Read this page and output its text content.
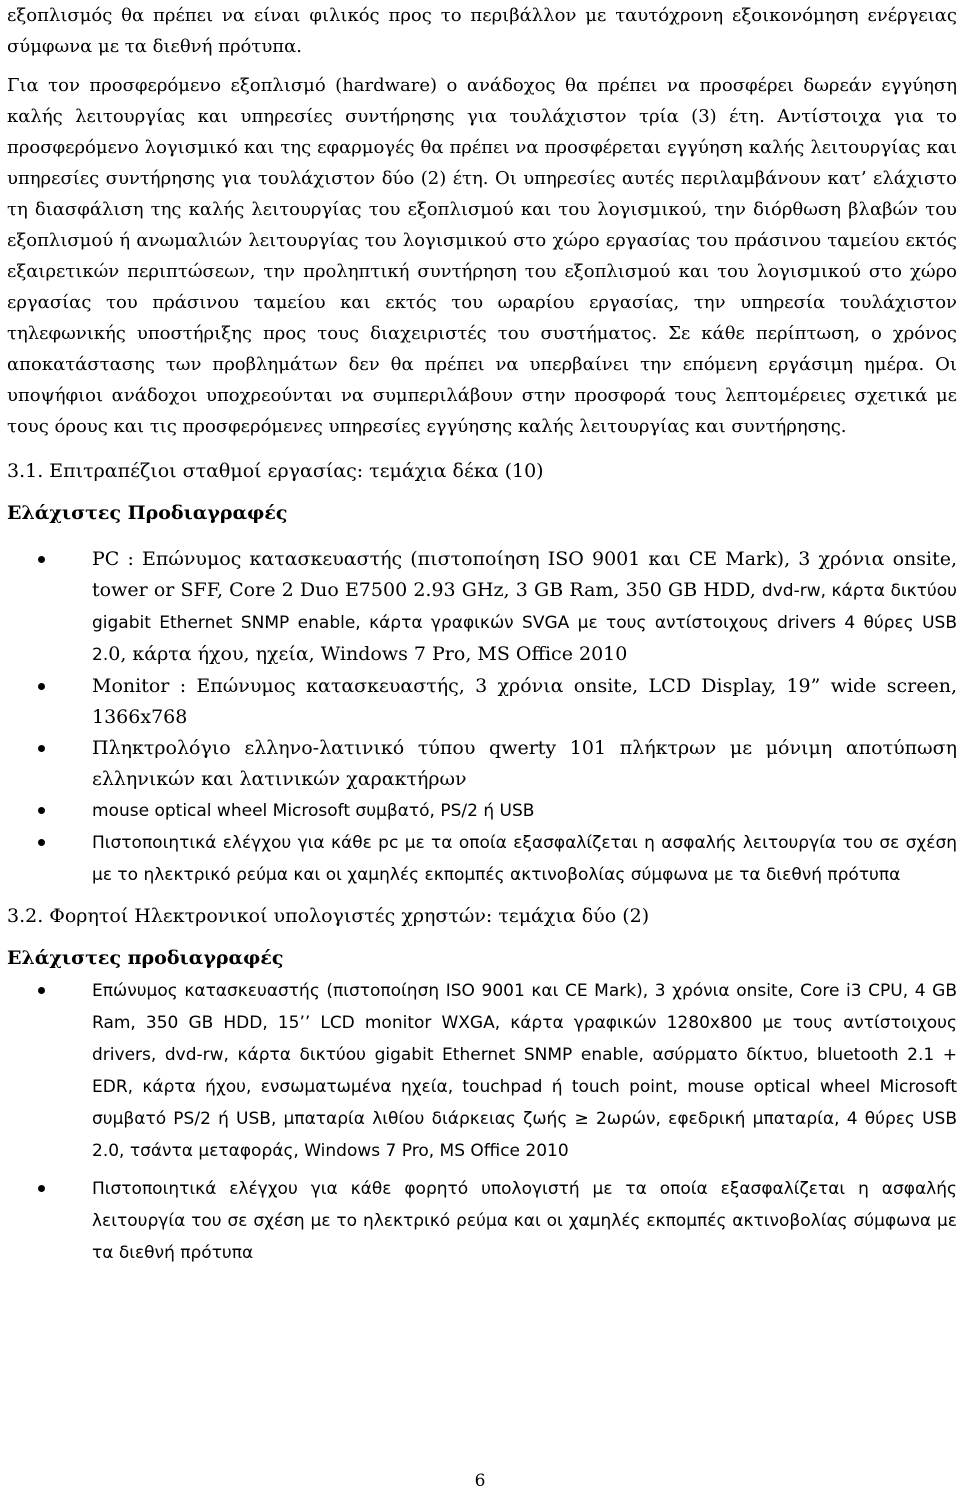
εξοπλισμός θα πρέπει να είναι φιλικός προς το περιβάλλον με ταυτόχρονη εξοικονόμηση ενέργειας σύμφωνα με τα διεθνή πρότυπα.

Για τον προσφερόμενο εξοπλισμό (hardware) ο ανάδοχος θα πρέπει να προσφέρει δωρεάν εγγύηση καλής λειτουργίας και υπηρεσίες συντήρησης για τουλάχιστον τρία (3) έτη. Αντίστοιχα για το προσφερόμενο λογισμικό και της εφαρμογές θα πρέπει να προσφέρεται εγγύηση καλής λειτουργίας και υπηρεσίες συντήρησης για τουλάχιστον δύο (2) έτη. Οι υπηρεσίες αυτές περιλαμβάνουν κατ’ ελάχιστο τη διασφάλιση της καλής λειτουργίας του εξοπλισμού και του λογισμικού, την διόρθωση βλαβών του εξοπλισμού ή ανωμαλιών λειτουργίας του λογισμικού στο χώρο εργασίας του πράσινου ταμείου εκτός εξαιρετικών περιπτώσεων, την προληπτική συντήρηση του εξοπλισμού και του λογισμικού στο χώρο εργασίας του πράσινου ταμείου και εκτός του ωραρίου εργασίας, την υπηρεσία τουλάχιστον τηλεφωνικής υποστήριξης προς τους διαχειριστές του συστήματος. Σε κάθε περίπτωση, ο χρόνος αποκατάστασης των προβλημάτων δεν θα πρέπει να υπερβαίνει την επόμενη εργάσιμη ημέρα. Οι υποψήφιοι ανάδοχοι υποχρεούνται να συμπεριλάβουν στην προσφορά τους λεπτομέρειες σχετικά με τους όρους και τις προσφερόμενες υπηρεσίες εγγύησης καλής λειτουργίας και συντήρησης.

3.1. Επιτραπέζιοι σταθμοί εργασίας: τεμάχια δέκα (10)

Ελάχιστες Προδιαγραφές

PC : Επώνυμος κατασκευαστής (πιστοποίηση ISO 9001 και CE Mark), 3 χρόνια onsite, tower or SFF, Core 2 Duo E7500 2.93 GHz, 3 GB Ram, 350 GB HDD, dvd-rw, κάρτα δικτύου gigabit Ethernet SNMP enable, κάρτα γραφικών SVGA με τους αντίστοιχους drivers 4 θύρες USB 2.0, κάρτα ήχου, ηχεία, Windows 7 Pro, MS Office 2010
Monitor : Επώνυμος κατασκευαστής, 3 χρόνια onsite, LCD Display, 19” wide screen, 1366x768
Πληκτρολόγιο ελληνο-λατινικό τύπου qwerty 101 πλήκτρων με μόνιμη αποτύπωση ελληνικών και λατινικών χαρακτήρων
mouse optical wheel Microsoft συμβατό, PS/2 ή USB
Πιστοποιητικά ελέγχου για κάθε pc με τα οποία εξασφαλίζεται η ασφαλής λειτουργία του σε σχέση με το ηλεκτρικό ρεύμα και οι χαμηλές εκπομπές ακτινοβολίας σύμφωνα με τα διεθνή πρότυπα

3.2. Φορητοί Ηλεκτρονικοί υπολογιστές χρηστών: τεμάχια δύο (2)

Ελάχιστες προδιαγραφές

Επώνυμος κατασκευαστής (πιστοποίηση ISO 9001 και CE Mark), 3 χρόνια onsite, Core i3 CPU, 4 GB Ram, 350 GB HDD, 15’’ LCD monitor WXGA, κάρτα γραφικών 1280x800 με τους αντίστοιχους drivers, dvd-rw, κάρτα δικτύου gigabit Ethernet SNMP enable, ασύρματο δίκτυο, bluetooth 2.1 + EDR, κάρτα ήχου, ενσωματωμένα ηχεία, touchpad ή touch point, mouse optical wheel Microsoft συμβατό PS/2 ή USB, μπαταρία λιθίου διάρκειας ζωής ≥ 2ωρών, εφεδρική μπαταρία, 4 θύρες USB 2.0, τσάντα μεταφοράς, Windows 7 Pro, MS Office 2010
Πιστοποιητικά ελέγχου για κάθε φορητό υπολογιστή με τα οποία εξασφαλίζεται η ασφαλής λειτουργία του σε σχέση με το ηλεκτρικό ρεύμα και οι χαμηλές εκπομπές ακτινοβολίας σύμφωνα με τα διεθνή πρότυπα
6
